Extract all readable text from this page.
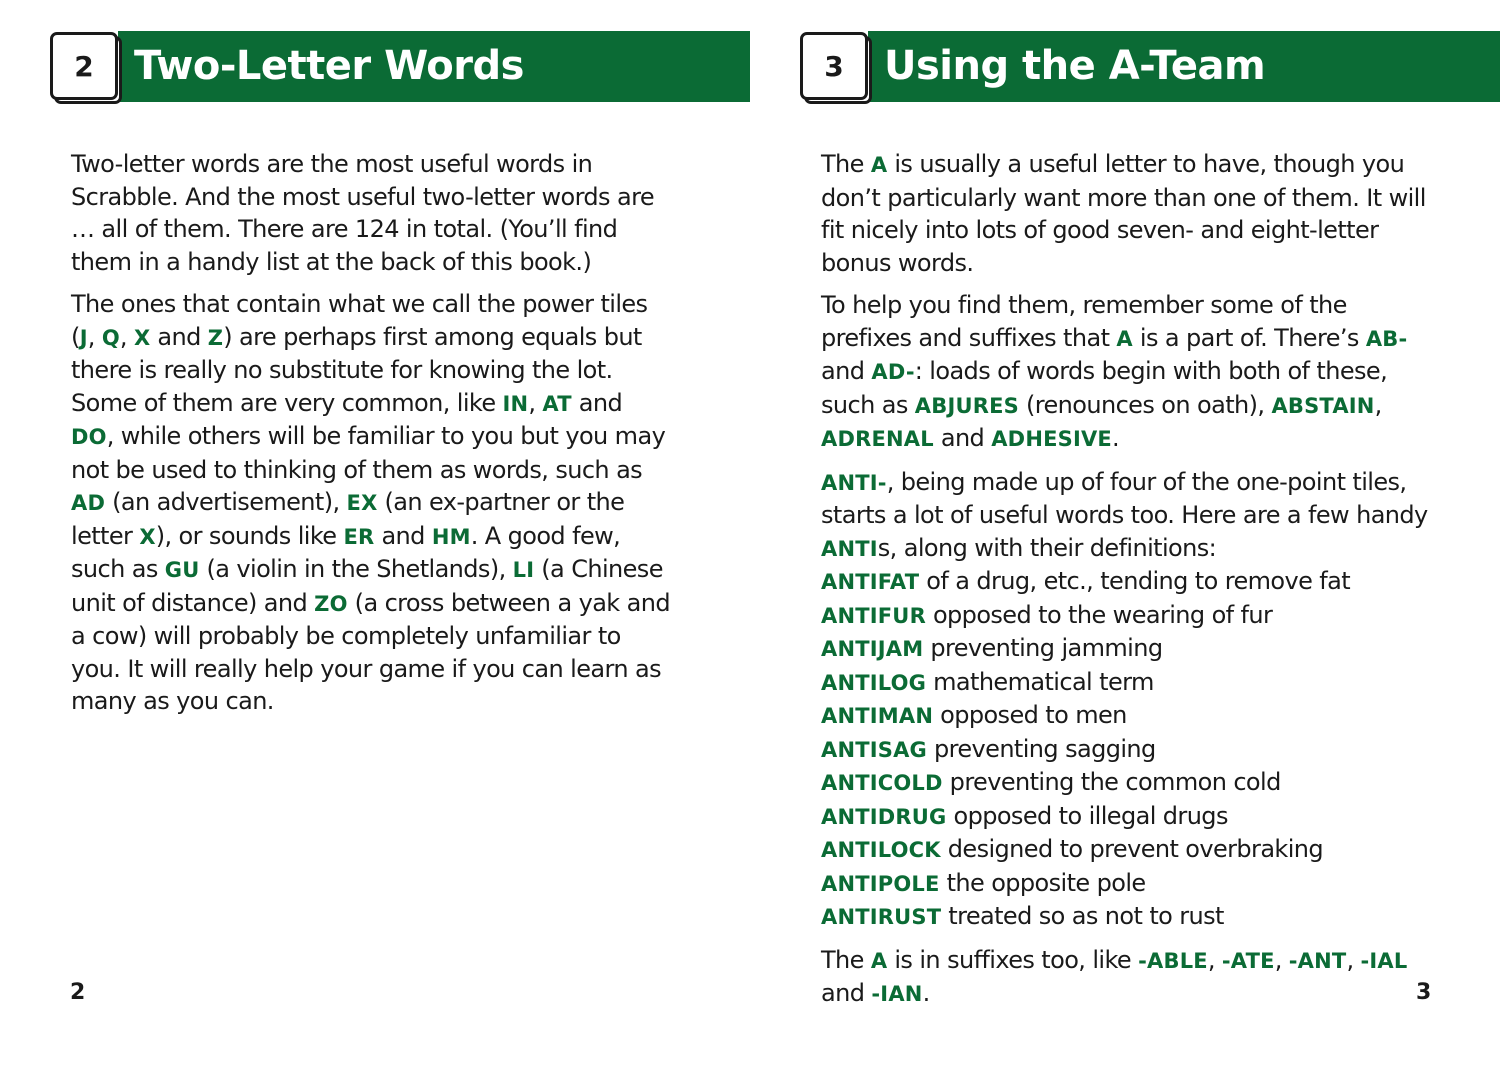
Two-Letter Words
2

Two-letter words are the most useful words in Scrabble. And the most useful two-letter words are … all of them. There are 124 in total. (You’ll find them in a handy list at the back of this book.)

The ones that contain what we call the power tiles (J, Q, X and Z) are perhaps first among equals but there is really no substitute for knowing the lot. Some of them are very common, like IN, AT and DO, while others will be familiar to you but you may not be used to thinking of them as words, such as AD (an advertisement), EX (an ex-partner or the letter X), or sounds like ER and HM. A good few, such as GU (a violin in the Shetlands), LI (a Chinese unit of distance) and ZO (a cross between a yak and a cow) will probably be completely unfamiliar to you. It will really help your game if you can learn as many as you can.

2
Using the A-Team
3

The A is usually a useful letter to have, though you don’t particularly want more than one of them. It will fit nicely into lots of good seven- and eight-letter bonus words.

To help you find them, remember some of the prefixes and suffixes that A is a part of. There’s AB- and AD-: loads of words begin with both of these, such as ABJURES (renounces on oath), ABSTAIN, ADRENAL and ADHESIVE.

ANTI-, being made up of four of the one-point tiles, starts a lot of useful words too. Here are a few handy ANTIs, along with their definitions:
ANTIFAT of a drug, etc., tending to remove fat
ANTIFUR opposed to the wearing of fur
ANTIJAM preventing jamming
ANTILOG mathematical term
ANTIMAN opposed to men
ANTISAG preventing sagging
ANTICOLD preventing the common cold
ANTIDRUG opposed to illegal drugs
ANTILOCK designed to prevent overbraking
ANTIPOLE the opposite pole
ANTIRUST treated so as not to rust

The A is in suffixes too, like -ABLE, -ATE, -ANT, -IAL and -IAN.	3
